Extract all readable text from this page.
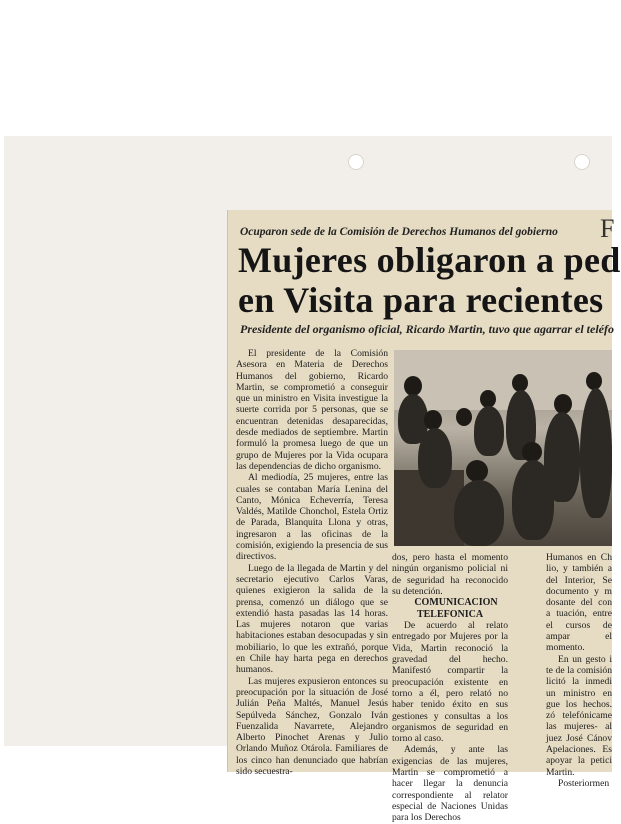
Ocuparon sede de la Comisión de Derechos Humanos del gobierno F
Mujeres obligaron a ped
en Visita para recientes
Presidente del organismo oficial, Ricardo Martin, tuvo que agarrar el teléfo

El presidente de la Comisión Asesora en Materia de Derechos Humanos del gobierno, Ricardo Martin, se comprometió a conseguir que un ministro en Visita investigue la suerte corrida por 5 personas, que se encuentran detenidas desaparecidas, desde mediados de septiembre. Martin formuló la promesa luego de que un grupo de Mujeres por la Vida ocupara las dependencias de dicho organismo.

Al mediodía, 25 mujeres, entre las cuales se contaban María Lenina del Canto, Mónica Echeverría, Teresa Valdés, Matilde Chonchol, Estela Ortiz de Parada, Blanquita Llona y otras, ingresaron a las oficinas de la comisión, exigiendo la presencia de sus directivos.

Luego de la llegada de Martin y del secretario ejecutivo Carlos Varas, quienes exigieron la salida de la prensa, comenzó un diálogo que se extendió hasta pasadas las 14 horas. Las mujeres notaron que varias habitaciones estaban desocupadas y sin mobiliario, lo que les extrañó, porque en Chile hay harta pega en derechos humanos.

Las mujeres expusieron entonces su preocupación por la situación de José Julián Peña Maltés, Manuel Jesús Sepúlveda Sánchez, Gonzalo Iván Fuenzalida Navarrete, Alejandro Alberto Pinochet Arenas y Julio Orlando Muñoz Otárola. Familiares de los cinco han denunciado que habrían sido secuestra-

dos, pero hasta el momento ningún organismo policial ni de seguridad ha reconocido su detención.

COMUNICACION TELEFONICA

De acuerdo al relato entregado por Mujeres por la Vida, Martin reconoció la gravedad del hecho. Manifestó compartir la preocupación existente en torno a él, pero relató no haber tenido éxito en sus gestiones y consultas a los organismos de seguridad en torno al caso.

Además, y ante las exigencias de las mujeres, Martin se comprometió a hacer llegar la denuncia correspondiente al relator especial de Naciones Unidas para los Derechos

Humanos en Ch lio, y también a del Interior, Se documento y m dosante del con a tuación, entre el cursos de ampar el momento.

En un gesto i te de la comisión licitó la inmedi un ministro en gue los hechos. zó telefónicame las mujeres- al juez José Cánov Apelaciones. Es apoyar la petici Martin.

Posteriormen
